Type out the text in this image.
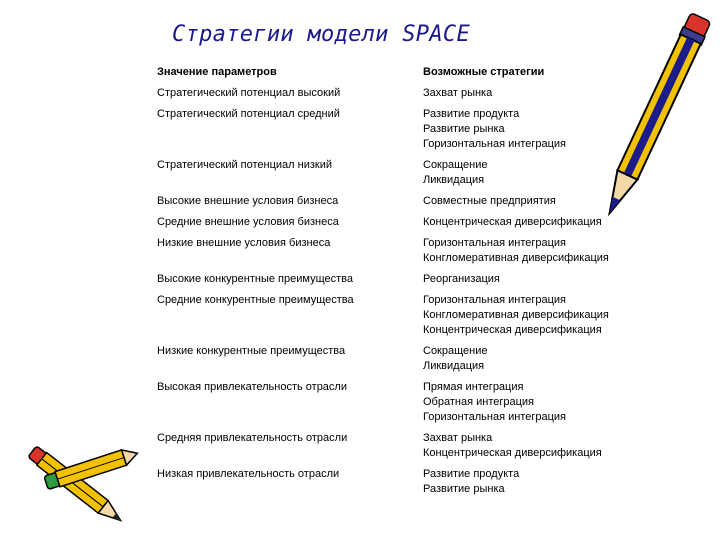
Стратегии модели SPACE
Значение параметров	Возможные стратегии
Стратегический потенциал высокий	Захват рынка
Стратегический потенциал средний	Развитие продукта
Развитие рынка
Горизонтальная интеграция
Стратегический потенциал низкий	Сокращение
Ликвидация
Высокие внешние условия бизнеса	Совместные предприятия
Средние внешние условия бизнеса	Концентрическая диверсификация
Низкие внешние условия бизнеса	Горизонтальная интеграция
Конгломеративная диверсификация
Высокие конкурентные преимущества	Реорганизация
Средние конкурентные преимущества	Горизонтальная интеграция
Конгломеративная диверсификация
Концентрическая диверсификация
Низкие конкурентные преимущества	Сокращение
Ликвидация
Высокая привлекательность отрасли	Прямая интеграция
Обратная интеграция
Горизонтальная интеграция
Средняя привлекательность отрасли	Захват рынка
Концентрическая диверсификация
Низкая привлекательность отрасли	Развитие продукта
Развитие рынка
